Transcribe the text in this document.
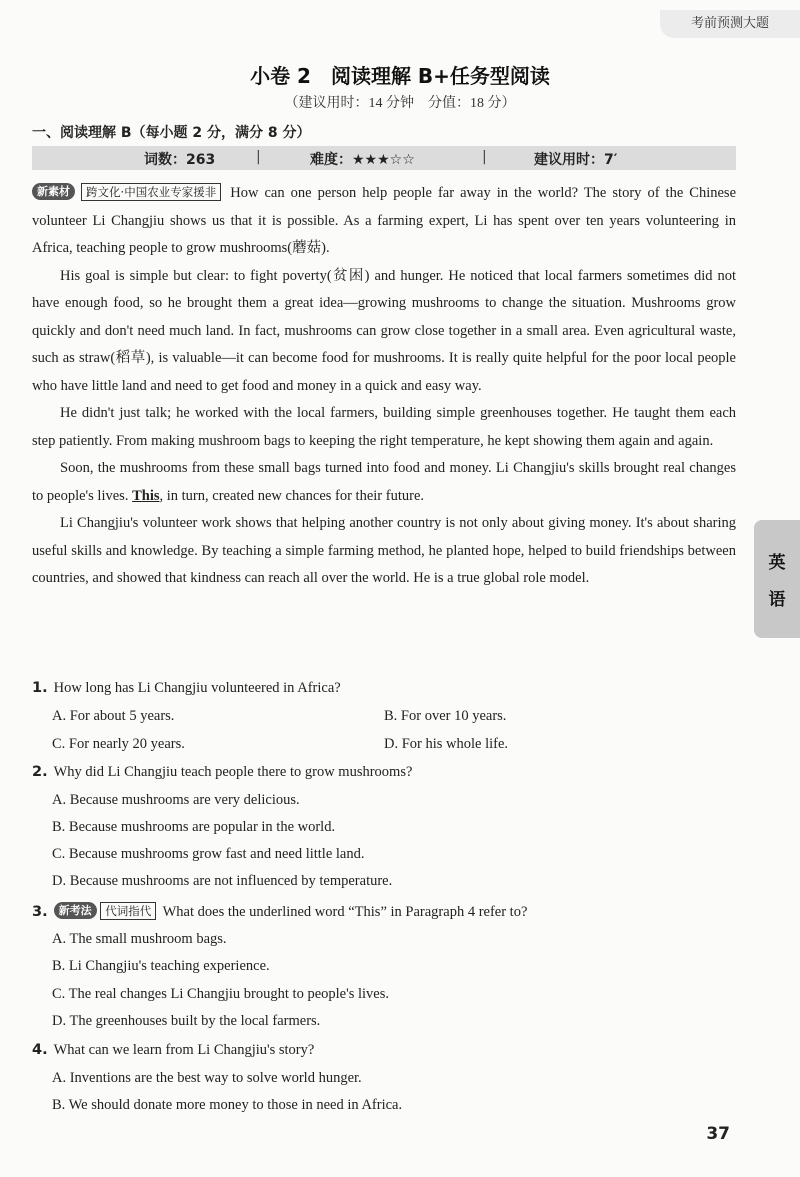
考前预测大题
英
语
小卷 2　阅读理解 B+任务型阅读
（建议用时：14 分钟　分值：18 分）
一、阅读理解 B（每小题 2 分，满分 8 分）
词数：263	|	难度：★★★☆☆	|	建议用时：7′

新素材 跨文化·中国农业专家援非 How can one person help people far away in the world? The story of the Chinese volunteer Li Changjiu shows us that it is possible. As a farming expert, Li has spent over ten years volunteering in Africa, teaching people to grow mushrooms(蘑菇).

His goal is simple but clear: to fight poverty(贫困) and hunger. He noticed that local farmers sometimes did not have enough food, so he brought them a great idea—growing mushrooms to change the situation. Mushrooms grow quickly and don't need much land. In fact, mushrooms can grow close together in a small area. Even agricultural waste, such as straw(稻草), is valuable—it can become food for mushrooms. It is really quite helpful for the poor local people who have little land and need to get food and money in a quick and easy way.

He didn't just talk; he worked with the local farmers, building simple greenhouses together. He taught them each step patiently. From making mushroom bags to keeping the right temperature, he kept showing them again and again.

Soon, the mushrooms from these small bags turned into food and money. Li Changjiu's skills brought real changes to people's lives. This, in turn, created new chances for their future.

Li Changjiu's volunteer work shows that helping another country is not only about giving money. It's about sharing useful skills and knowledge. By teaching a simple farming method, he planted hope, helped to build friendships between countries, and showed that kindness can reach all over the world. He is a true global role model.

1. How long has Li Changjiu volunteered in Africa?
A. For about 5 years.	B. For over 10 years.
C. For nearly 20 years.	D. For his whole life.
2. Why did Li Changjiu teach people there to grow mushrooms?
A. Because mushrooms are very delicious.
B. Because mushrooms are popular in the world.
C. Because mushrooms grow fast and need little land.
D. Because mushrooms are not influenced by temperature.
3. 新考法 代词指代 What does the underlined word “This” in Paragraph 4 refer to?
A. The small mushroom bags.
B. Li Changjiu's teaching experience.
C. The real changes Li Changjiu brought to people's lives.
D. The greenhouses built by the local farmers.
4. What can we learn from Li Changjiu's story?
A. Inventions are the best way to solve world hunger.
B. We should donate more money to those in need in Africa.
37
